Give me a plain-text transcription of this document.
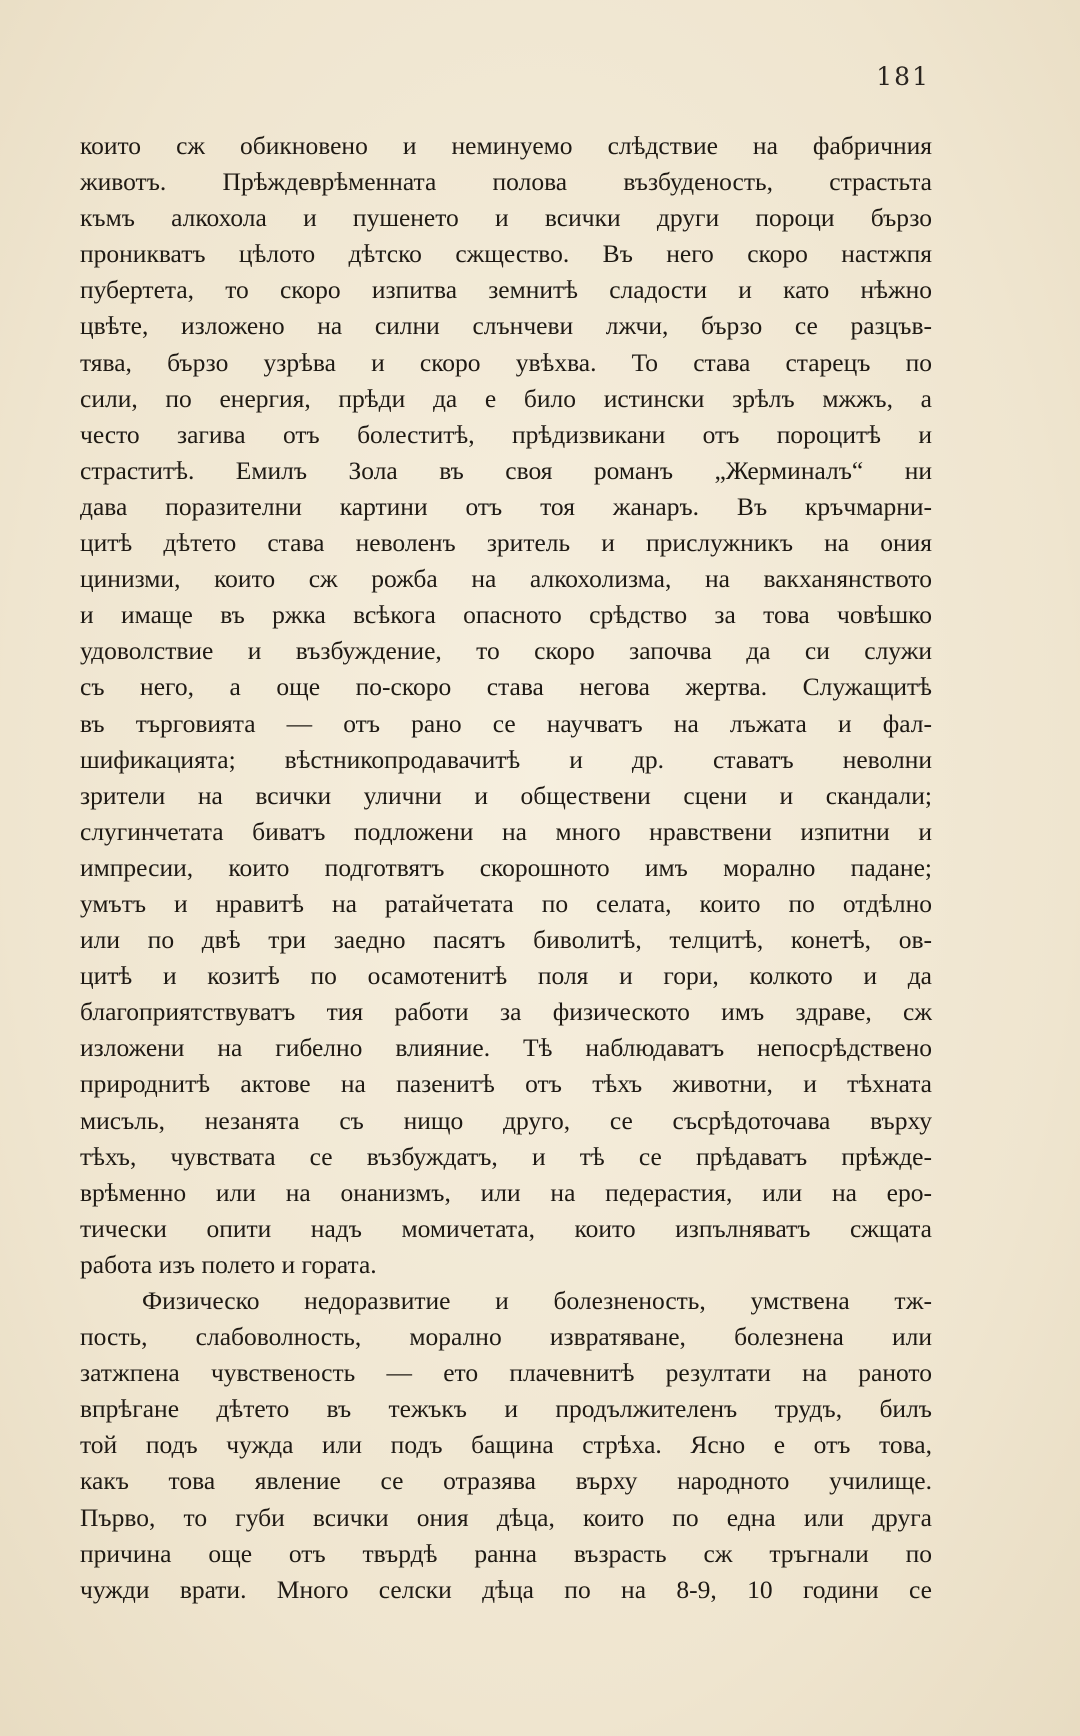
181
които сж обикновено и неминуемо слѣдствие на фабричния
животъ. Прѣждеврѣменната полова възбуденость, страстьта
къмъ алкохола и пушенето и всички други пороци бързо
проникватъ цѣлото дѣтско сжщество. Въ него скоро настжпя
пубертета, то скоро изпитва земнитѣ сладости и като нѣжно
цвѣте, изложено на силни слънчеви лжчи, бързо се разцъв-
тява, бързо узрѣва и скоро увѣхва. То става старецъ по
сили, по енергия, прѣди да е било истински зрѣлъ мжжъ, а
често загива отъ болеститѣ, прѣдизвикани отъ пороцитѣ и
страститѣ. Емилъ Зола въ своя романъ „Жерминалъ“ ни
дава поразителни картини отъ тоя жанаръ. Въ кръчмарни-
цитѣ дѣтето става неволенъ зритель и прислужникъ на ония
цинизми, които сж рожба на алкохолизма, на вакханянството
и имаще въ ржка всѣкога опасното срѣдство за това човѣшко
удоволствие и възбуждение, то скоро започва да си служи
съ него, а още по-скоро става негова жертва. Служащитѣ
въ търговията — отъ рано се научватъ на лъжата и фал-
шификацията; вѣстникопродавачитѣ и др. ставатъ неволни
зрители на всички улични и обществени сцени и скандали;
слугинчетата биватъ подложени на много нравствени изпитни и
импресии, които подготвятъ скорошното имъ морално падане;
умътъ и нравитѣ на ратайчетата по селата, които по отдѣлно
или по двѣ три заедно пасятъ биволитѣ, телцитѣ, конетѣ, ов-
цитѣ и козитѣ по осамотенитѣ поля и гори, колкото и да
благоприятствуватъ тия работи за физическото имъ здраве, сж
изложени на гибелно влияние. Тѣ наблюдаватъ непосрѣдствено
природнитѣ актове на пазенитѣ отъ тѣхъ животни, и тѣхната
мисъль, незанята съ нищо друго, се съсрѣдоточава върху
тѣхъ, чувствата се възбуждатъ, и тѣ се прѣдаватъ прѣжде-
врѣменно или на онанизмъ, или на педерастия, или на еро-
тически опити надъ момичетата, които изпълняватъ сжщата
работа изъ полето и гората.
Физическо недоразвитие и болезненость, умствена тж-
пость, слабоволность, морално извратяване, болезнена или
затжпена чувственость — ето плачевнитѣ резултати на раното
впрѣгане дѣтето въ тежъкъ и продължителенъ трудъ, билъ
той подъ чужда или подъ бащина стрѣха. Ясно е отъ това,
какъ това явление се отразява върху народното училище.
Първо, то губи всички ония дѣца, които по една или друга
причина още отъ твърдѣ ранна възрасть сж тръгнали по
чужди врати. Много селски дѣца по на 8-9, 10 години се
